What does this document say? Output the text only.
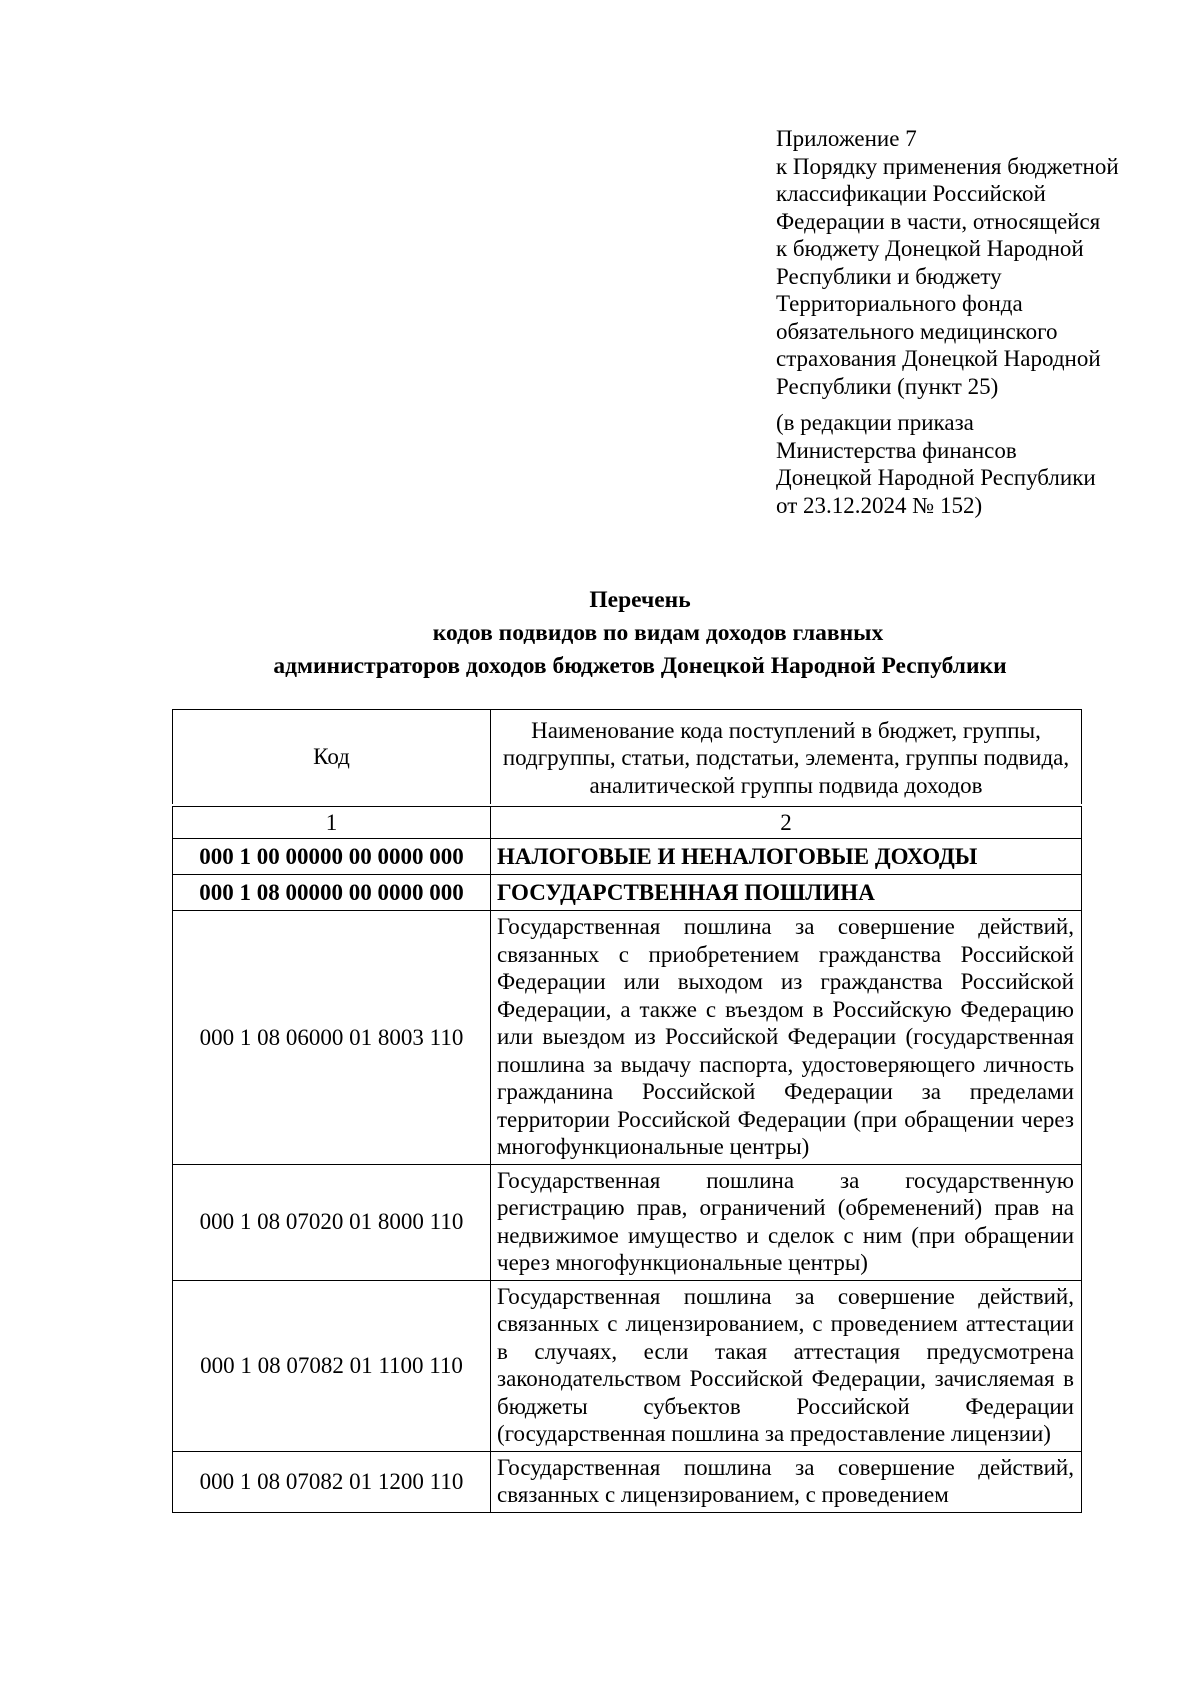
Приложение 7
к Порядку применения бюджетной
классификации Российской
Федерации в части, относящейся
к бюджету Донецкой Народной
Республики и бюджету
Территориального фонда
обязательного медицинского
страхования Донецкой Народной
Республики (пункт 25)
(в редакции приказа
Министерства финансов
Донецкой Народной Республики
от 23.12.2024 № 152)
Перечень
кодов подвидов по видам доходов главных
администраторов доходов бюджетов Донецкой Народной Республики
Код	Наименование кода поступлений в бюджет, группы, подгруппы, статьи, подстатьи, элемента, группы подвида, аналитической группы подвида доходов
1	2
000 1 00 00000 00 0000 000	НАЛОГОВЫЕ И НЕНАЛОГОВЫЕ ДОХОДЫ
000 1 08 00000 00 0000 000	ГОСУДАРСТВЕННАЯ ПОШЛИНА
000 1 08 06000 01 8003 110	Государственная пошлина за совершение действий, связанных с приобретением гражданства Российской Федерации или выходом из гражданства Российской Федерации, а также с въездом в Российскую Федерацию или выездом из Российской Федерации (государственная пошлина за выдачу паспорта, удостоверяющего личность гражданина Российской Федерации за пределами территории Российской Федерации (при обращении через многофункциональные центры)
000 1 08 07020 01 8000 110	Государственная пошлина за государственную регистрацию прав, ограничений (обременений) прав на недвижимое имущество и сделок с ним (при обращении через многофункциональные центры)
000 1 08 07082 01 1100 110	Государственная пошлина за совершение действий, связанных с лицензированием, с проведением аттестации в случаях, если такая аттестация предусмотрена законодательством Российской Федерации, зачисляемая в бюджеты субъектов Российской Федерации (государственная пошлина за предоставление лицензии)
000 1 08 07082 01 1200 110	Государственная пошлина за совершение действий, связанных с лицензированием, с проведением
